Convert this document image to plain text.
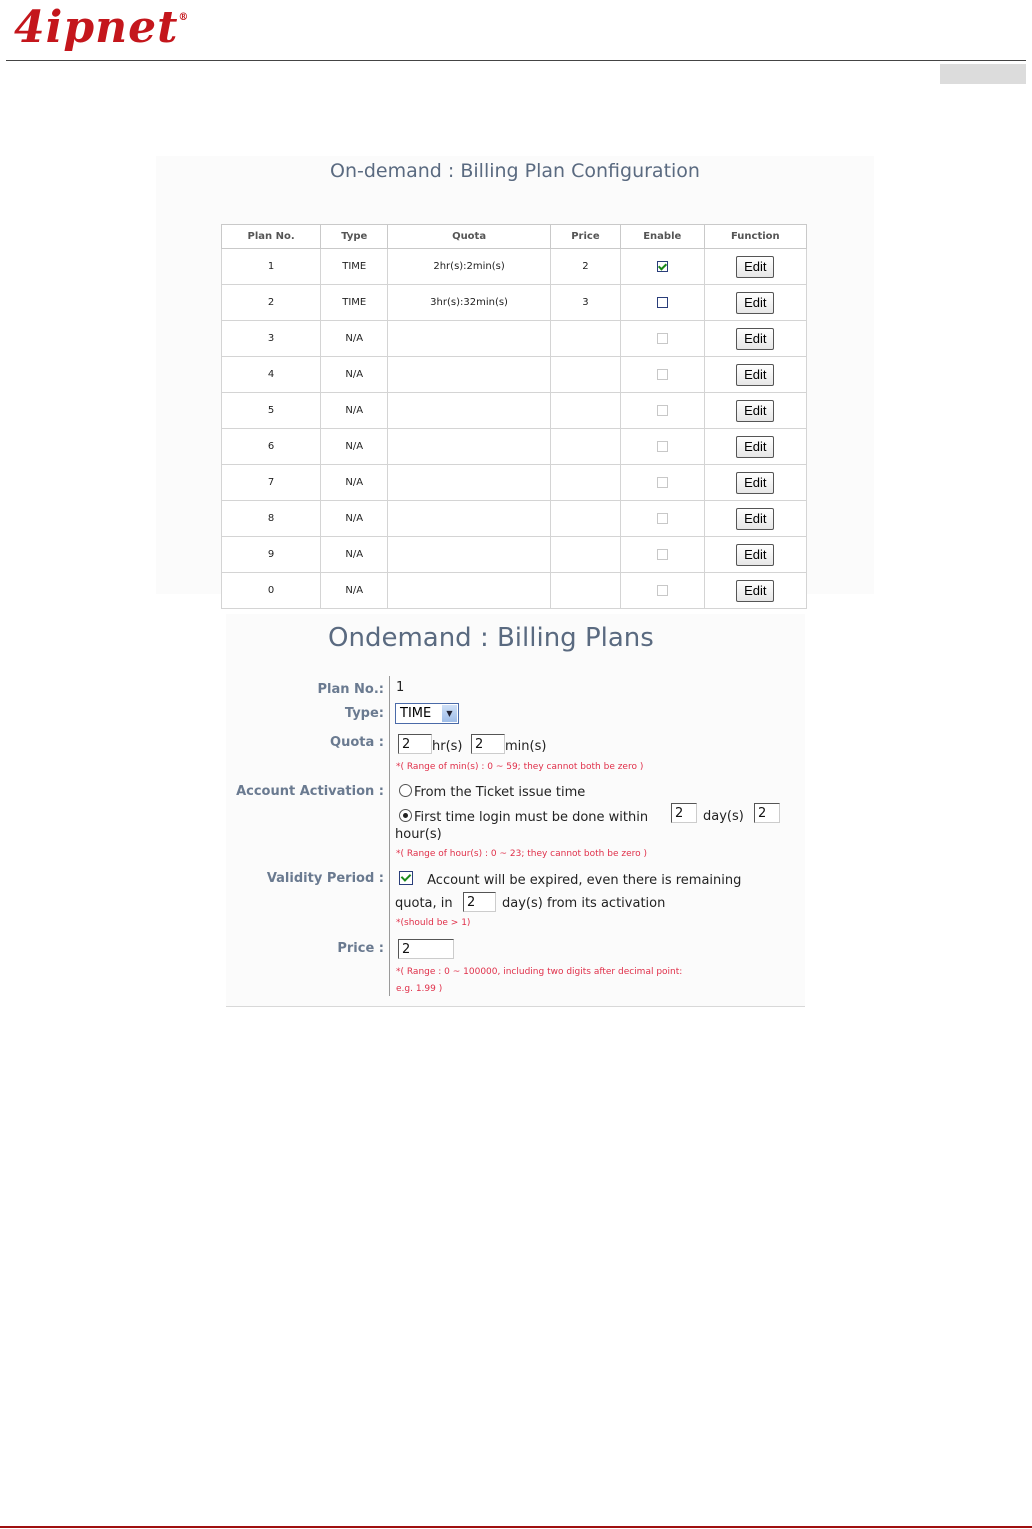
4ipnet®
On-demand : Billing Plan Configuration
Plan No.	Type	Quota	Price	Enable	Function
1	TIME	2hr(s):2min(s)	2		Edit
2	TIME	3hr(s):32min(s)	3		Edit
3	N/A				Edit
4	N/A				Edit
5	N/A				Edit
6	N/A				Edit
7	N/A				Edit
8	N/A				Edit
9	N/A				Edit
0	N/A				Edit
Ondemand : Billing Plans
Plan No.: 1
Type:	TIME	▼
Quota :	2	hr(s) 2	min(s)
*( Range of min(s) : 0 ~ 59; they cannot both be zero )
Account Activation :	From the Ticket issue time
First time login must be done within	2	day(s)	2
hour(s)
*( Range of hour(s) : 0 ~ 23; they cannot both be zero )
Validity Period :	Account will be expired, even there is remaining
quota, in	2	day(s) from its activation
*(should be > 1)
Price :	2
*( Range : 0 ~ 100000, including two digits after decimal point:
e.g. 1.99 )
